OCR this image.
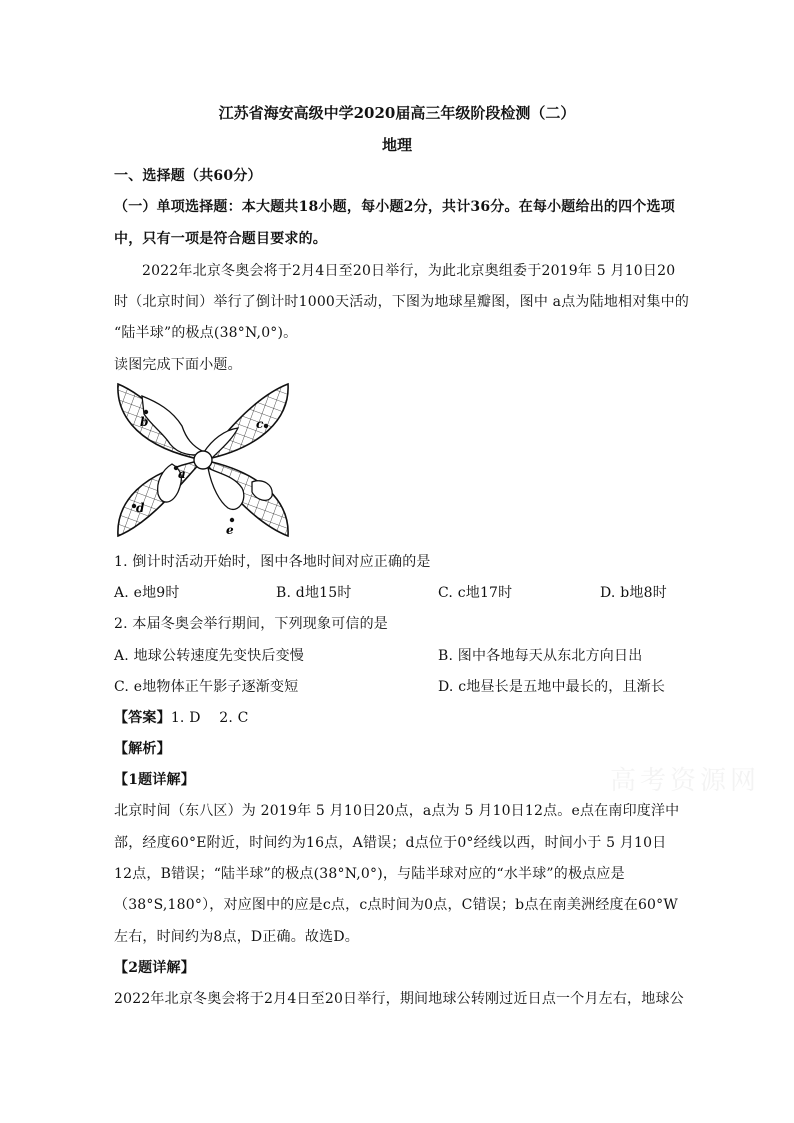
江苏省海安高级中学2020届高三年级阶段检测（二）
地理
一、选择题（共60分）
（一）单项选择题：本大题共18小题，每小题2分，共计36分。在每小题给出的四个选项
中，只有一项是符合题目要求的。
2022年北京冬奥会将于2月4日至20日举行，为此北京奥组委于2019年 5 月10日20
时（北京时间）举行了倒计时1000天活动，下图为地球星瓣图，图中 a点为陆地相对集中的
“陆半球”的极点(38°N,0°)。
读图完成下面小题。
a
b	c
d
e
1. 倒计时活动开始时，图中各地时间对应正确的是
A. e地9时	B. d地15时	C. c地17时	D. b地8时
2. 本届冬奥会举行期间，下列现象可信的是
A. 地球公转速度先变快后变慢	B. 图中各地每天从东北方向日出
C. e地物体正午影子逐渐变短	D. c地昼长是五地中最长的，且渐长
【答案】1. D    2. C
【解析】
【1题详解】
北京时间（东八区）为 2019年 5 月10日20点，a点为 5 月10日12点。e点在南印度洋中
部，经度60°E附近，时间约为16点，A错误；d点位于0°经线以西，时间小于 5 月10日
12点，B错误；“陆半球”的极点(38°N,0°)，与陆半球对应的“水半球”的极点应是
（38°S,180°），对应图中的应是c点，c点时间为0点，C错误；b点在南美洲经度在60°W
左右，时间约为8点，D正确。故选D。
【2题详解】
2022年北京冬奥会将于2月4日至20日举行，期间地球公转刚过近日点一个月左右，地球公
高考资源网
